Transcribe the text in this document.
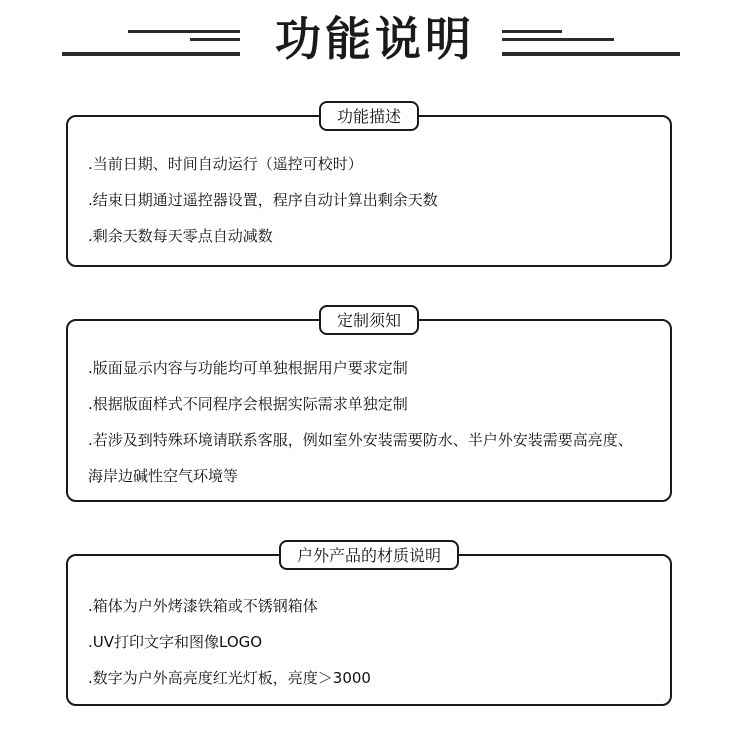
功能说明
功能描述
.当前日期、时间自动运行（遥控可校时）
.结束日期通过遥控器设置，程序自动计算出剩余天数
.剩余天数每天零点自动减数
定制须知
.版面显示内容与功能均可单独根据用户要求定制
.根据版面样式不同程序会根据实际需求单独定制
.若涉及到特殊环境请联系客服，例如室外安装需要防水、半户外安装需要高亮度、
海岸边碱性空气环境等
户外产品的材质说明
.箱体为户外烤漆铁箱或不锈钢箱体
.UV打印文字和图像LOGO
.数字为户外高亮度红光灯板，亮度＞3000
